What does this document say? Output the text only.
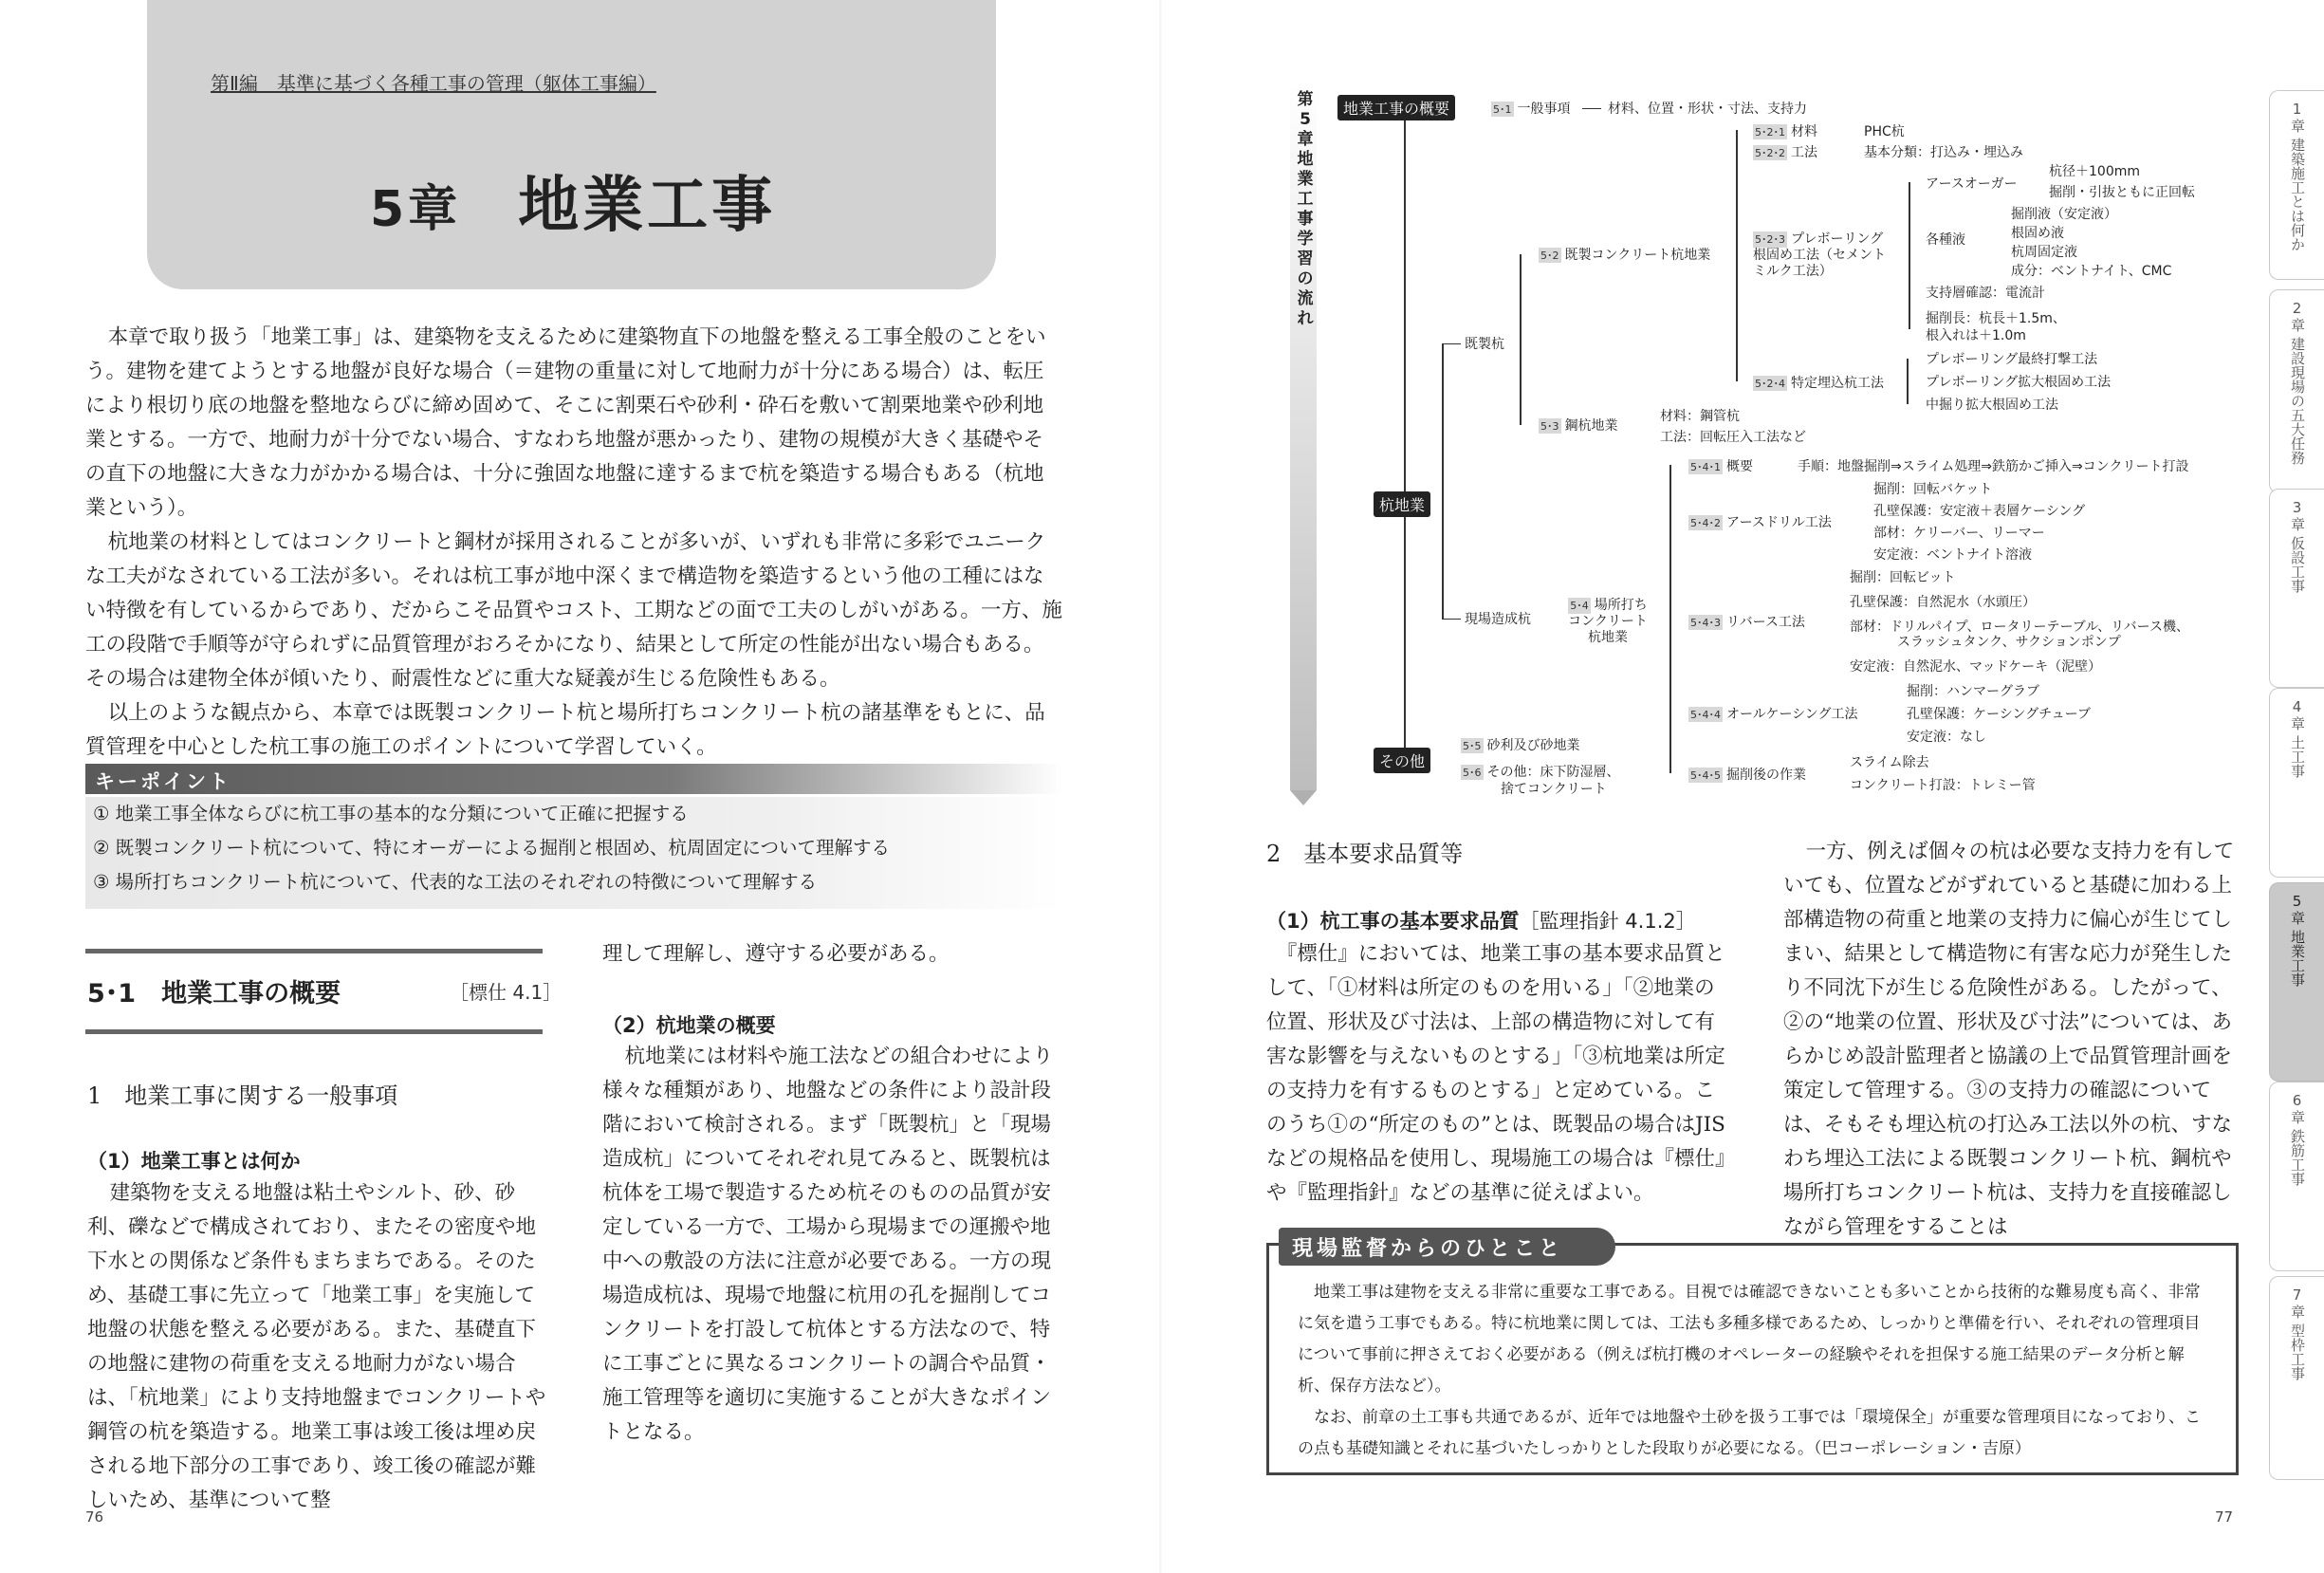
第Ⅱ編　基準に基づく各種工事の管理（躯体工事編）
5章 地業工事

本章で取り扱う「地業工事」は、建築物を支えるために建築物直下の地盤を整える工事全般のことをいう。建物を建てようとする地盤が良好な場合（＝建物の重量に対して地耐力が十分にある場合）は、転圧により根切り底の地盤を整地ならびに締め固めて、そこに割栗石や砂利・砕石を敷いて割栗地業や砂利地業とする。一方で、地耐力が十分でない場合、すなわち地盤が悪かったり、建物の規模が大きく基礎やその直下の地盤に大きな力がかかる場合は、十分に強固な地盤に達するまで杭を築造する場合もある（杭地業という）。

杭地業の材料としてはコンクリートと鋼材が採用されることが多いが、いずれも非常に多彩でユニークな工夫がなされている工法が多い。それは杭工事が地中深くまで構造物を築造するという他の工種にはない特徴を有しているからであり、だからこそ品質やコスト、工期などの面で工夫のしがいがある。一方、施工の段階で手順等が守られずに品質管理がおろそかになり、結果として所定の性能が出ない場合もある。その場合は建物全体が傾いたり、耐震性などに重大な疑義が生じる危険性もある。

以上のような観点から、本章では既製コンクリート杭と場所打ちコンクリート杭の諸基準をもとに、品質管理を中心とした杭工事の施工のポイントについて学習していく。

キーポイント
① 地業工事全体ならびに杭工事の基本的な分類について正確に把握する
② 既製コンクリート杭について、特にオーガーによる掘削と根固め、杭周固定について理解する
③ 場所打ちコンクリート杭について、代表的な工法のそれぞれの特徴について理解する
5･1　地業工事の概要	［標仕 4.1］
1　地業工事に関する一般事項
（1）地業工事とは何か
建築物を支える地盤は粘土やシルト、砂、砂利、礫などで構成されており、またその密度や地下水との関係など条件もまちまちである。そのため、基礎工事に先立って「地業工事」を実施して地盤の状態を整える必要がある。また、基礎直下の地盤に建物の荷重を支える地耐力がない場合は、「杭地業」により支持地盤までコンクリートや鋼管の杭を築造する。地業工事は竣工後は埋め戻される地下部分の工事であり、竣工後の確認が難しいため、基準について整
理して理解し、遵守する必要がある。
（2）杭地業の概要
杭地業には材料や施工法などの組合わせにより様々な種類があり、地盤などの条件により設計段階において検討される。まず「既製杭」と「現場造成杭」についてそれぞれ見てみると、既製杭は杭体を工場で製造するため杭そのものの品質が安定している一方で、工場から現場までの運搬や地中への敷設の方法に注意が必要である。一方の現場造成杭は、現場で地盤に杭用の孔を掘削してコンクリートを打設して杭体とする方法なので、特に工事ごとに異なるコンクリートの調合や品質・施工管理等を適切に実施することが大きなポイントとなる。
76
第5章 地業工事 学習の流れ
地業工事の概要
杭地業
その他
5･1 一般事項	材料、位置・形状・寸法、支持力
既製杭
現場造成杭
5･2 既製コンクリート杭地業
5･3 鋼杭地業
材料：鋼管杭
工法：回転圧入工法など
5･2･1 材料	PHC杭
5･2･2 工法	基本分類：打込み・埋込み
5･2･3 プレボーリング根固め工法（セメントミルク工法）
アースオーガー
杭径＋100mm
掘削・引抜ともに正回転
各種液
掘削液（安定液）
根固め液
杭周固定液
成分：ベントナイト、CMC
支持層確認：電流計
掘削長：杭長＋1.5m、
根入れは＋1.0m
5･2･4 特定埋込杭工法
プレボーリング最終打撃工法
プレボーリング拡大根固め工法
中掘り拡大根固め工法
5･4 場所打ちコンクリート杭地業
5･4･1 概要	手順：地盤掘削⇒スライム処理⇒鉄筋かご挿入⇒コンクリート打設
5･4･2 アースドリル工法
掘削：回転バケット
孔壁保護：安定液＋表層ケーシング
部材：ケリーバー、リーマー
安定液：ベントナイト溶液
5･4･3 リバース工法
掘削：回転ビット
孔壁保護：自然泥水（水頭圧）
部材：ドリルパイプ、ロータリーテーブル、リバース機、
スラッシュタンク、サクションポンプ
安定液：自然泥水、マッドケーキ（泥壁）
5･4･4 オールケーシング工法
掘削：ハンマーグラブ
孔壁保護：ケーシングチューブ
安定液：なし
5･4･5 掘削後の作業
スライム除去
コンクリート打設：トレミー管
5･5 砂利及び砂地業
5･6 その他：床下防湿層、
捨てコンクリート
2　基本要求品質等
（1）杭工事の基本要求品質［監理指針 4.1.2］
『標仕』においては、地業工事の基本要求品質として、「①材料は所定のものを用いる」「②地業の位置、形状及び寸法は、上部の構造物に対して有害な影響を与えないものとする」「③杭地業は所定の支持力を有するものとする」と定めている。このうち①の“所定のもの”とは、既製品の場合はJISなどの規格品を使用し、現場施工の場合は『標仕』や『監理指針』などの基準に従えばよい。
一方、例えば個々の杭は必要な支持力を有していても、位置などがずれていると基礎に加わる上部構造物の荷重と地業の支持力に偏心が生じてしまい、結果として構造物に有害な応力が発生したり不同沈下が生じる危険性がある。したがって、②の“地業の位置、形状及び寸法”については、あらかじめ設計監理者と協議の上で品質管理計画を策定して管理する。③の支持力の確認については、そもそも埋込杭の打込み工法以外の杭、すなわち埋込工法による既製コンクリート杭、鋼杭や場所打ちコンクリート杭は、支持力を直接確認しながら管理をすることは
現場監督からのひとこと

地業工事は建物を支える非常に重要な工事である。目視では確認できないことも多いことから技術的な難易度も高く、非常に気を遣う工事でもある。特に杭地業に関しては、工法も多種多様であるため、しっかりと準備を行い、それぞれの管理項目について事前に押さえておく必要がある（例えば杭打機のオペレーターの経験やそれを担保する施工結果のデータ分析と解析、保存方法など）。

なお、前章の土工事も共通であるが、近年では地盤や土砂を扱う工事では「環境保全」が重要な管理項目になっており、この点も基礎知識とそれに基づいたしっかりとした段取りが必要になる。（巴コーポレーション・吉原）

77
1
章 建築施工とは何か
2
章 建設現場の五大任務
3
章 仮設工事
4
章 土工事
5
章 地業工事
6
章 鉄筋工事
7
章 型枠工事
